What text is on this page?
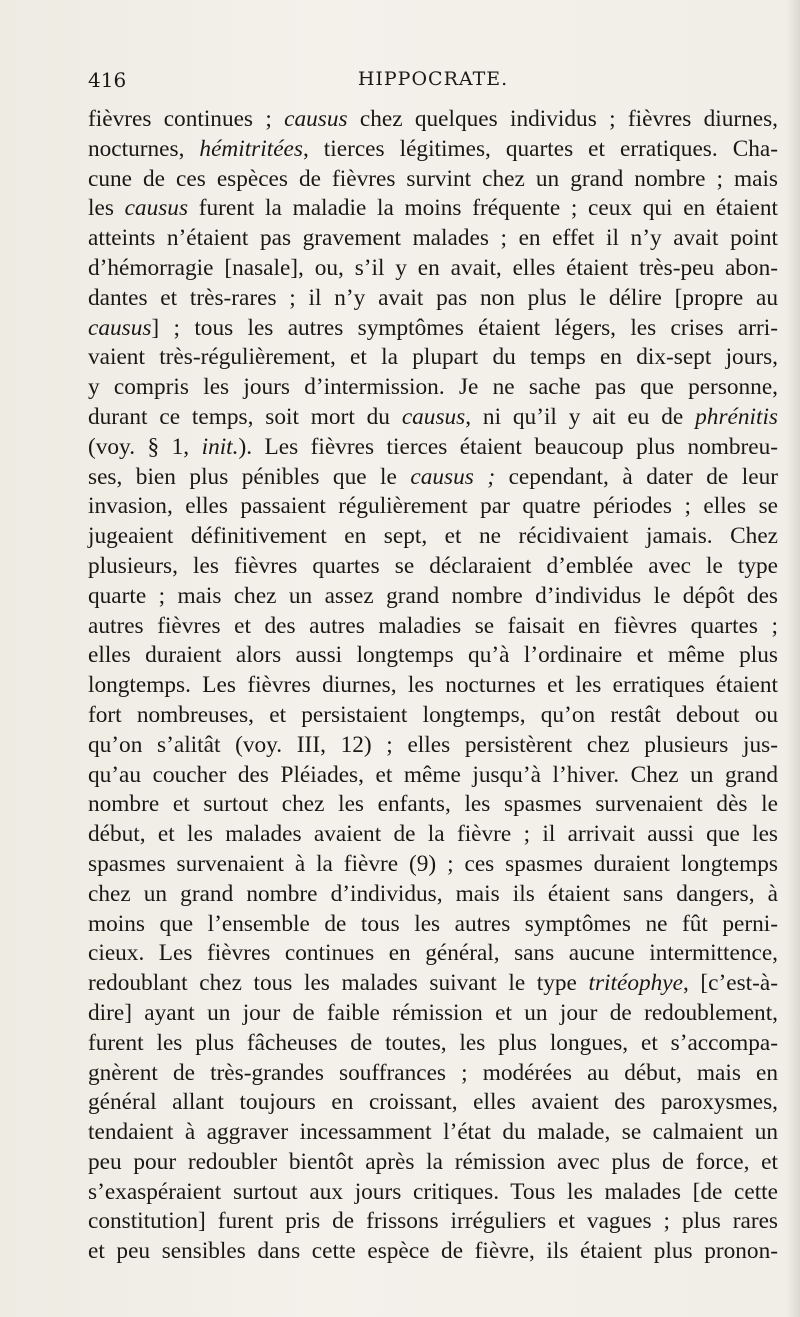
416	HIPPOCRATE.
fièvres continues ; causus chez quelques individus ; fièvres diurnes,
nocturnes, hémitritées, tierces légitimes, quartes et erratiques. Cha-
cune de ces espèces de fièvres survint chez un grand nombre ; mais
les causus furent la maladie la moins fréquente ; ceux qui en étaient
atteints n’étaient pas gravement malades ; en effet il n’y avait point
d’hémorragie [nasale], ou, s’il y en avait, elles étaient très-peu abon-
dantes et très-rares ; il n’y avait pas non plus le délire [propre au
causus] ; tous les autres symptômes étaient légers, les crises arri-
vaient très-régulièrement, et la plupart du temps en dix-sept jours,
y compris les jours d’intermission. Je ne sache pas que personne,
durant ce temps, soit mort du causus, ni qu’il y ait eu de phrénitis
(voy. § 1, init.). Les fièvres tierces étaient beaucoup plus nombreu-
ses, bien plus pénibles que le causus ; cependant, à dater de leur
invasion, elles passaient régulièrement par quatre périodes ; elles se
jugeaient définitivement en sept, et ne récidivaient jamais. Chez
plusieurs, les fièvres quartes se déclaraient d’emblée avec le type
quarte ; mais chez un assez grand nombre d’individus le dépôt des
autres fièvres et des autres maladies se faisait en fièvres quartes ;
elles duraient alors aussi longtemps qu’à l’ordinaire et même plus
longtemps. Les fièvres diurnes, les nocturnes et les erratiques étaient
fort nombreuses, et persistaient longtemps, qu’on restât debout ou
qu’on s’alitât (voy. III, 12) ; elles persistèrent chez plusieurs jus-
qu’au coucher des Pléiades, et même jusqu’à l’hiver. Chez un grand
nombre et surtout chez les enfants, les spasmes survenaient dès le
début, et les malades avaient de la fièvre ; il arrivait aussi que les
spasmes survenaient à la fièvre (9) ; ces spasmes duraient longtemps
chez un grand nombre d’individus, mais ils étaient sans dangers, à
moins que l’ensemble de tous les autres symptômes ne fût perni-
cieux. Les fièvres continues en général, sans aucune intermittence,
redoublant chez tous les malades suivant le type tritéophye, [c’est-à-
dire] ayant un jour de faible rémission et un jour de redoublement,
furent les plus fâcheuses de toutes, les plus longues, et s’accompa-
gnèrent de très-grandes souffrances ; modérées au début, mais en
général allant toujours en croissant, elles avaient des paroxysmes,
tendaient à aggraver incessamment l’état du malade, se calmaient un
peu pour redoubler bientôt après la rémission avec plus de force, et
s’exaspéraient surtout aux jours critiques. Tous les malades [de cette
constitution] furent pris de frissons irréguliers et vagues ; plus rares
et peu sensibles dans cette espèce de fièvre, ils étaient plus pronon-
